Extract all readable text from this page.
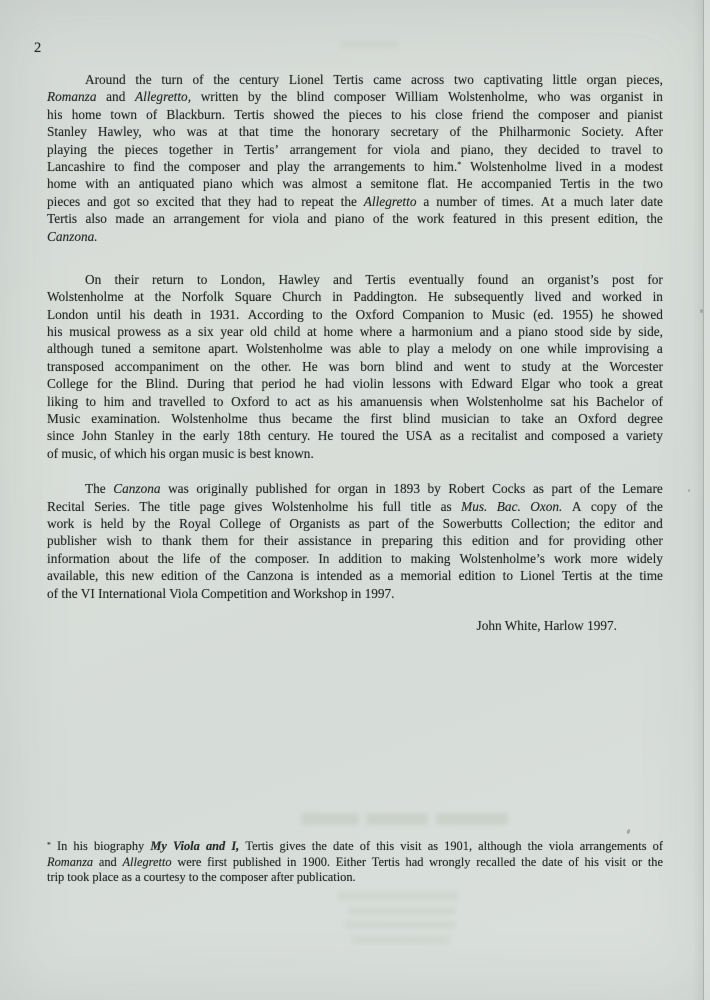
2
Around the turn of the century Lionel Tertis came across two captivating little organ pieces,
Romanza and Allegretto, written by the blind composer William Wolstenholme, who was organist in
his home town of Blackburn. Tertis showed the pieces to his close friend the composer and pianist
Stanley Hawley, who was at that time the honorary secretary of the Philharmonic Society. After
playing the pieces together in Tertis’ arrangement for viola and piano, they decided to travel to
Lancashire to find the composer and play the arrangements to him.* Wolstenholme lived in a modest
home with an antiquated piano which was almost a semitone flat. He accompanied Tertis in the two
pieces and got so excited that they had to repeat the Allegretto a number of times. At a much later date
Tertis also made an arrangement for viola and piano of the work featured in this present edition, the
Canzona.
On their return to London, Hawley and Tertis eventually found an organist’s post for
Wolstenholme at the Norfolk Square Church in Paddington. He subsequently lived and worked in
London until his death in 1931. According to the Oxford Companion to Music (ed. 1955) he showed
his musical prowess as a six year old child at home where a harmonium and a piano stood side by side,
although tuned a semitone apart. Wolstenholme was able to play a melody on one while improvising a
transposed accompaniment on the other. He was born blind and went to study at the Worcester
College for the Blind. During that period he had violin lessons with Edward Elgar who took a great
liking to him and travelled to Oxford to act as his amanuensis when Wolstenholme sat his Bachelor of
Music examination. Wolstenholme thus became the first blind musician to take an Oxford degree
since John Stanley in the early 18th century. He toured the USA as a recitalist and composed a variety
of music, of which his organ music is best known.
The Canzona was originally published for organ in 1893 by Robert Cocks as part of the Lemare
Recital Series. The title page gives Wolstenholme his full title as Mus. Bac. Oxon. A copy of the
work is held by the Royal College of Organists as part of the Sowerbutts Collection; the editor and
publisher wish to thank them for their assistance in preparing this edition and for providing other
information about the life of the composer. In addition to making Wolstenholme’s work more widely
available, this new edition of the Canzona is intended as a memorial edition to Lionel Tertis at the time
of the VI International Viola Competition and Workshop in 1997.
John White, Harlow 1997.
* In his biography My Viola and I, Tertis gives the date of this visit as 1901, although the viola arrangements of
Romanza and Allegretto were first published in 1900. Either Tertis had wrongly recalled the date of his visit or the
trip took place as a courtesy to the composer after publication.
